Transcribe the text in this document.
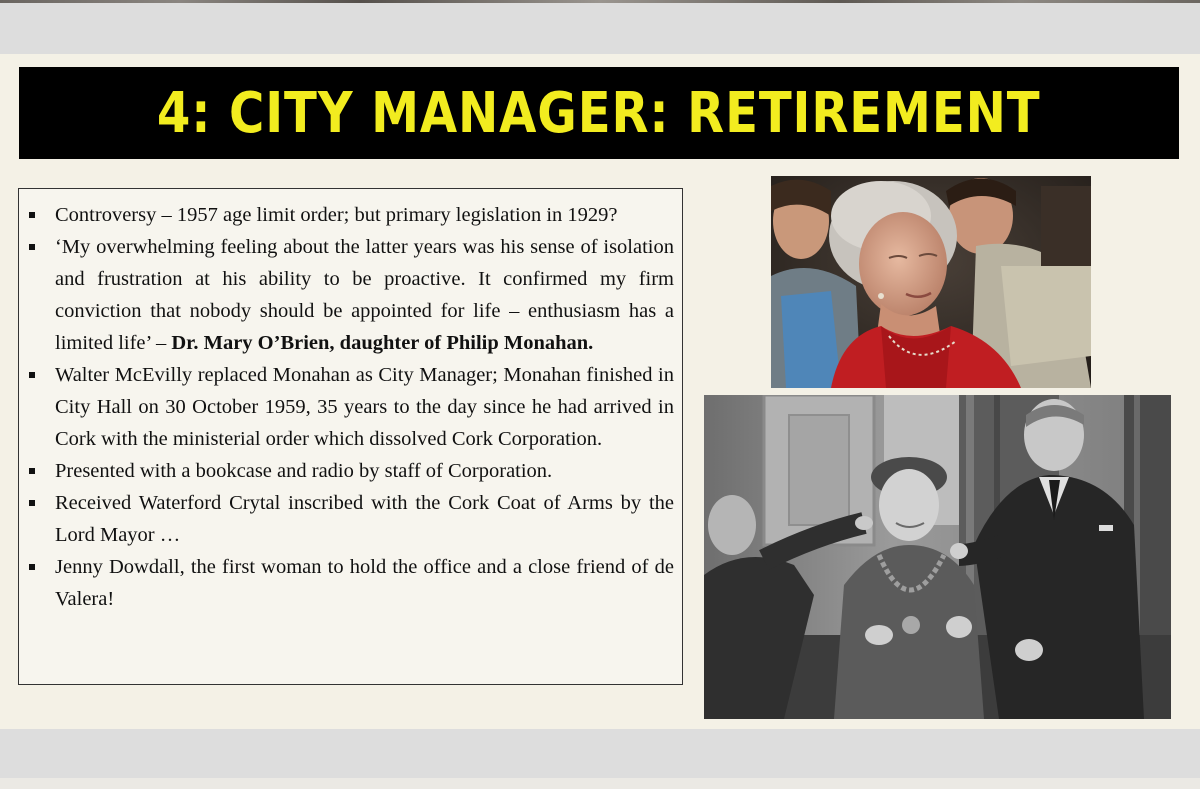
4: CITY MANAGER: RETIREMENT
Controversy – 1957 age limit order; but primary legislation in 1929?
‘My overwhelming feeling about the latter years was his sense of isolation and frustration at his ability to be proactive. It confirmed my firm conviction that nobody should be appointed for life – enthusiasm has a limited life’ – Dr. Mary O’Brien, daughter of Philip Monahan.
Walter McEvilly replaced Monahan as City Manager; Monahan finished in City Hall on 30 October 1959, 35 years to the day since he had arrived in Cork with the ministerial order which dissolved Cork Corporation.
Presented with a bookcase and radio by staff of Corporation.
Received Waterford Crytal inscribed with the Cork Coat of Arms by the Lord Mayor …
Jenny Dowdall, the first woman to hold the office and a close friend of de Valera!
